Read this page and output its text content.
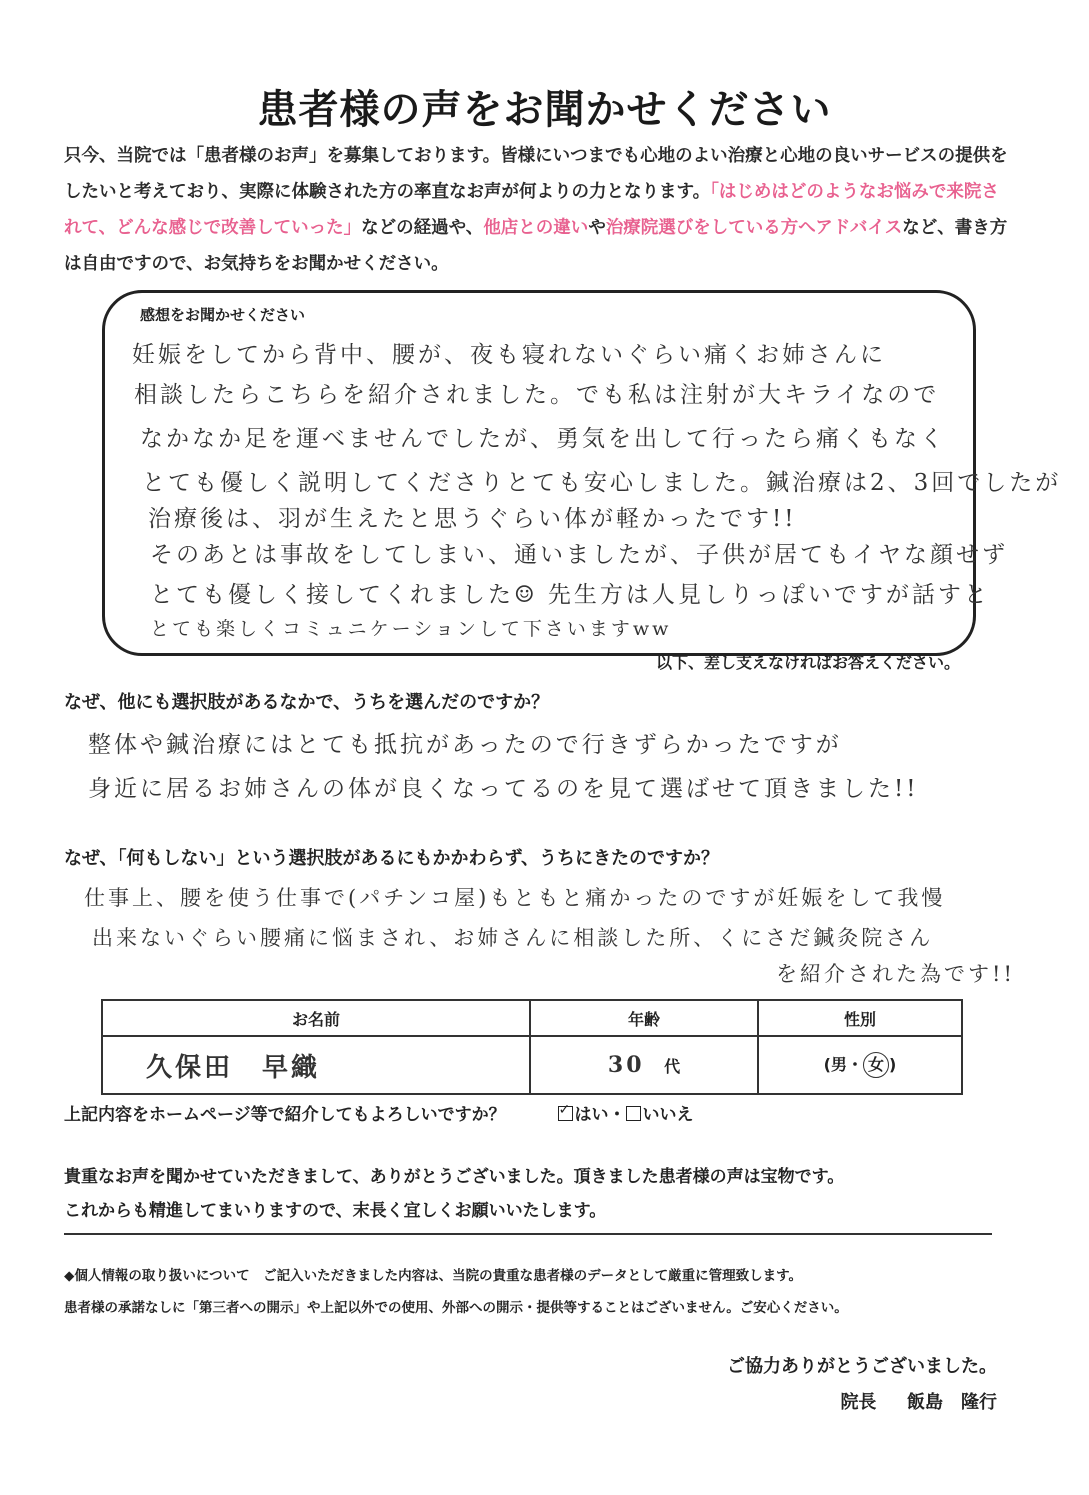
患者様の声をお聞かせください
只今、当院では「患者様のお声」を募集しております。皆様にいつまでも心地のよい治療と心地の良いサービスの提供をしたいと考えており、実際に体験された方の率直なお声が何よりの力となります。「はじめはどのようなお悩みで来院されて、どんな感じで改善していった」などの経過や、他店との違いや治療院選びをしている方へアドバイスなど、書き方は自由ですので、お気持ちをお聞かせください。
感想をお聞かせください
妊娠をしてから背中、腰が、夜も寝れないぐらい痛くお姉さんに
相談したらこちらを紹介されました。でも私は注射が大キライなので
なかなか足を運べませんでしたが、勇気を出して行ったら痛くもなく
とても優しく説明してくださりとても安心しました。鍼治療は2、3回でしたが
治療後は、羽が生えたと思うぐらい体が軽かったです!!
そのあとは事故をしてしまい、通いましたが、子供が居てもイヤな顔せず
とても優しく接してくれました☺ 先生方は人見しりっぽいですが話すと
とても楽しくコミュニケーションして下さいますww
以下、差し支えなければお答えください。
なぜ、他にも選択肢があるなかで、うちを選んだのですか？
整体や鍼治療にはとても抵抗があったので行きずらかったですが
身近に居るお姉さんの体が良くなってるのを見て選ばせて頂きました!!
なぜ、「何もしない」という選択肢があるにもかかわらず、うちにきたのですか？
仕事上、腰を使う仕事で(パチンコ屋)もともと痛かったのですが妊娠をして我慢
出来ないぐらい腰痛に悩まされ、お姉さんに相談した所、くにさだ鍼灸院さん
を紹介された為です!!
お名前	年齢	性別
久保田　早織	30 代	(男・ 女 )
上記内容をホームページ等で紹介してもよろしいですか？ ✓	はい・ いいえ
貴重なお声を聞かせていただきまして、ありがとうございました。頂きました患者様の声は宝物です。
これからも精進してまいりますので、末長く宜しくお願いいたします。
◆個人情報の取り扱いについて　ご記入いただきました内容は、当院の貴重な患者様のデータとして厳重に管理致します。
患者様の承諾なしに「第三者への開示」や上記以外での使用、外部への開示・提供等することはございません。ご安心ください。
ご協力ありがとうございました。
院長 飯島　隆行
